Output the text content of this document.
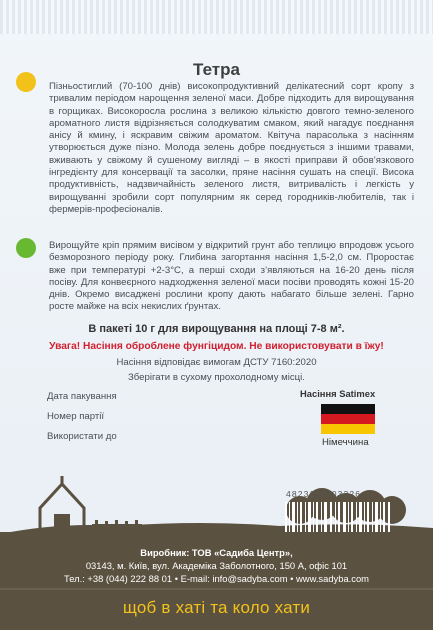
Тетра

Пізньостиглий (70-100 днів) високопродуктивний делікатесний сорт кропу з тривалим періодом нарощення зеленої маси. Добре підходить для вирощування в горщиках. Високоросла рослина з великою кількістю довгого темно-зеленого ароматного листя відрізняється солодкуватим смаком, який нагадує поєднання анісу й кмину, і яскравим свіжим ароматом. Квітуча парасолька з насінням утворюється дуже пізно. Молода зелень добре поєднується з іншими травами, вживають у свіжому й сушеному вигляді – в якості приправи й обов’язкового інгредієнту для консервації та засолки, пряне насіння сушать на спеції. Висока продуктивність, надзвичайність зеленого листя, витривалість і легкість у вирощуванні зробили сорт популярним як серед городників-любителів, так і фермерів-професіоналів.

Вирощуйте кріп прямим висівом у відкритий грунт або теплицю впродовж усього безморозного періоду року. Глибина загортання насіння 1,5-2,0 см. Проростає вже при температурі +2-3°С, а перші сходи з’являються на 16-20 день після посіву. Для конвеєрного надходження зеленої маси посіви проводять кожні 15-20 днів. Окремо висаджені рослини кропу дають набагато більше зелені. Гарно росте майже на всіх некислих ґрунтах.

В пакеті 10 г для вирощування на площі 7-8 м².
Увага! Насіння оброблене фунгіцидом. Не використовувати в їжу!
Насіння відповідає вимогам ДСТУ 7160:2020
Зберігати в сухому прохолодному місці.
Дата пакування
Номер партії
Використати до
Насіння Satimex
Німеччина
4823111403326
Виробник: ТОВ «Садиба Центр»,
03143, м. Київ, вул. Академіка Заболотного, 150 А, офіс 101
Тел.: +38 (044) 222 88 01 • E-mail: info@sadyba.com • www.sadyba.com
щоб в хаті та коло хати
